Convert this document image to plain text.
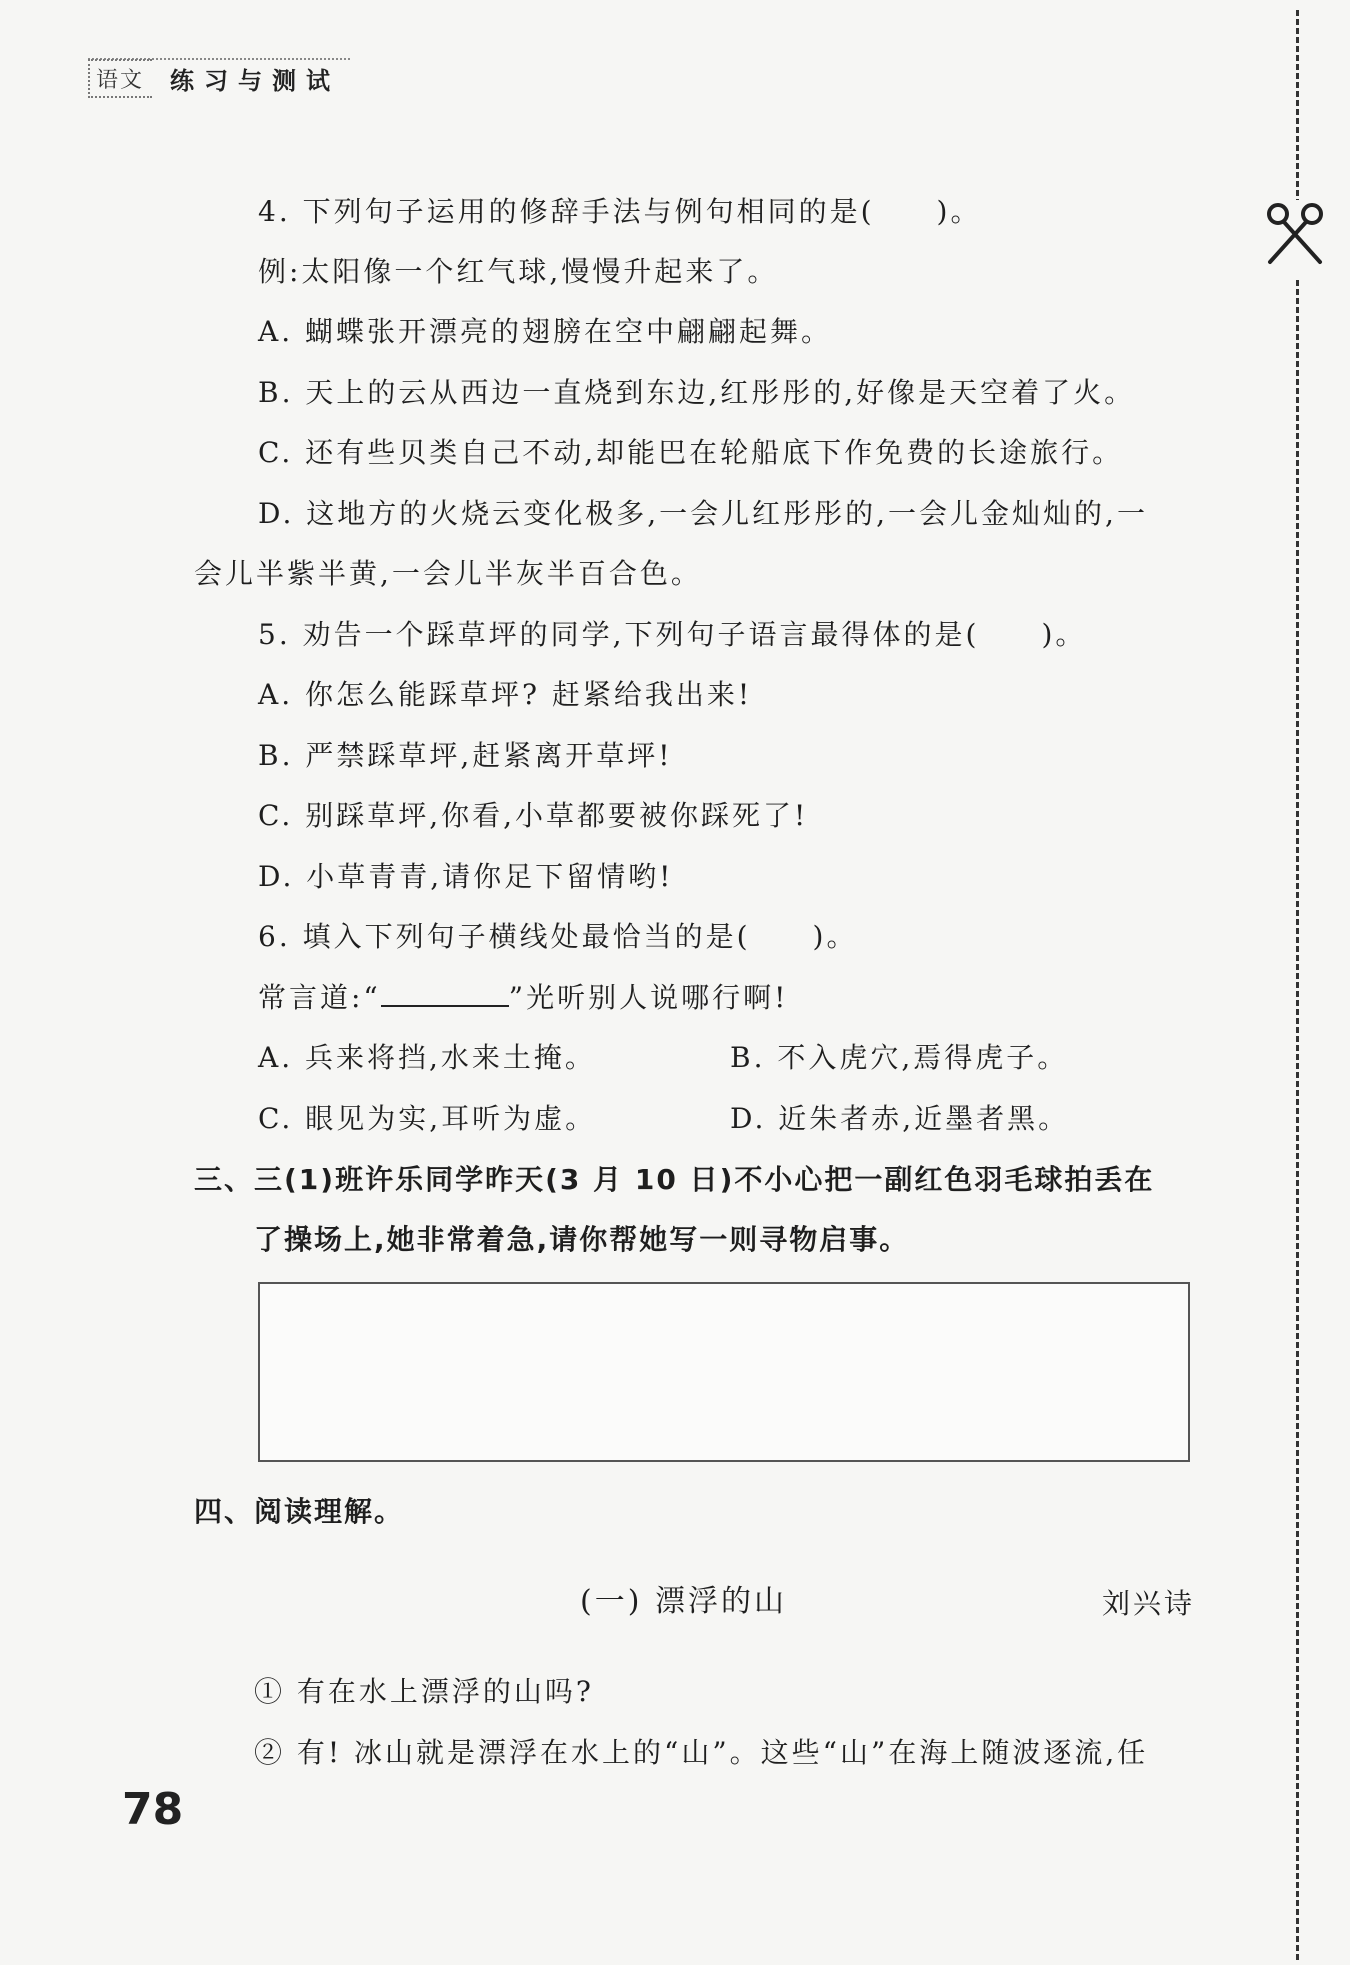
语文	练习与测试
4. 下列句子运用的修辞手法与例句相同的是(　　)。
例:太阳像一个红气球,慢慢升起来了。
A. 蝴蝶张开漂亮的翅膀在空中翩翩起舞。
B. 天上的云从西边一直烧到东边,红彤彤的,好像是天空着了火。
C. 还有些贝类自己不动,却能巴在轮船底下作免费的长途旅行。
D. 这地方的火烧云变化极多,一会儿红彤彤的,一会儿金灿灿的,一
会儿半紫半黄,一会儿半灰半百合色。
5. 劝告一个踩草坪的同学,下列句子语言最得体的是(　　)。
A. 你怎么能踩草坪? 赶紧给我出来!
B. 严禁踩草坪,赶紧离开草坪!
C. 别踩草坪,你看,小草都要被你踩死了!
D. 小草青青,请你足下留情哟!
6. 填入下列句子横线处最恰当的是(　　)。
常言道:“	”光听别人说哪行啊!
A. 兵来将挡,水来土掩。	B. 不入虎穴,焉得虎子。
C. 眼见为实,耳听为虚。	D. 近朱者赤,近墨者黑。
三、三(1)班许乐同学昨天(3 月 10 日)不小心把一副红色羽毛球拍丢在
了操场上,她非常着急,请你帮她写一则寻物启事。
四、阅读理解。
(一) 漂浮的山	刘兴诗
① 有在水上漂浮的山吗?
② 有! 冰山就是漂浮在水上的“山”。这些“山”在海上随波逐流,任
78
